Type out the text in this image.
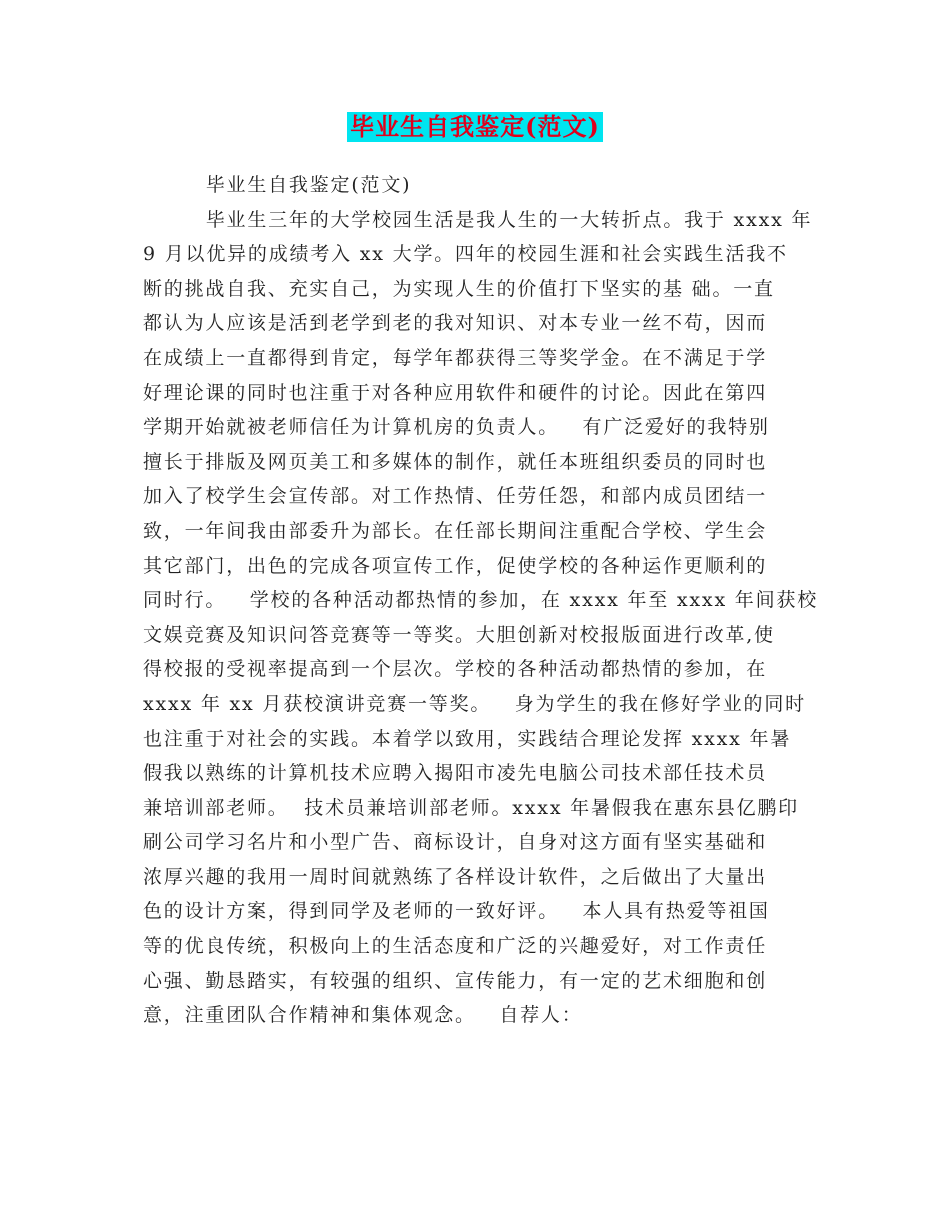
毕业生自我鉴定(范文)
毕业生自我鉴定(范文)
毕业生三年的大学校园生活是我人生的一大转折点。我于 xxxx 年
9 月以优异的成绩考入 xx 大学。四年的校园生涯和社会实践生活我不
断的挑战自我、充实自己，为实现人生的价值打下坚实的基 础。一直
都认为人应该是活到老学到老的我对知识、对本专业一丝不苟，因而
在成绩上一直都得到肯定，每学年都获得三等奖学金。在不满足于学
好理论课的同时也注重于对各种应用软件和硬件的讨论。因此在第四
学期开始就被老师信任为计算机房的负责人。   有广泛爱好的我特别
擅长于排版及网页美工和多媒体的制作，就任本班组织委员的同时也
加入了校学生会宣传部。对工作热情、任劳任怨，和部内成员团结一
致，一年间我由部委升为部长。在任部长期间注重配合学校、学生会
其它部门，出色的完成各项宣传工作，促使学校的各种运作更顺利的
同时行。   学校的各种活动都热情的参加，在 xxxx 年至 xxxx 年间获校
文娱竞赛及知识问答竞赛等一等奖。大胆创新对校报版面进行改革,使
得校报的受视率提高到一个层次。学校的各种活动都热情的参加，在
xxxx 年 xx 月获校演讲竞赛一等奖。   身为学生的我在修好学业的同时
也注重于对社会的实践。本着学以致用，实践结合理论发挥 xxxx 年暑
假我以熟练的计算机技术应聘入揭阳市凌先电脑公司技术部任技术员
兼培训部老师。  技术员兼培训部老师。xxxx 年暑假我在惠东县亿鹏印
刷公司学习名片和小型广告、商标设计，自身对这方面有坚实基础和
浓厚兴趣的我用一周时间就熟练了各样设计软件，之后做出了大量出
色的设计方案，得到同学及老师的一致好评。   本人具有热爱等祖国
等的优良传统，积极向上的生活态度和广泛的兴趣爱好，对工作责任
心强、勤恳踏实，有较强的组织、宣传能力，有一定的艺术细胞和创
意，注重团队合作精神和集体观念。   自荐人：
